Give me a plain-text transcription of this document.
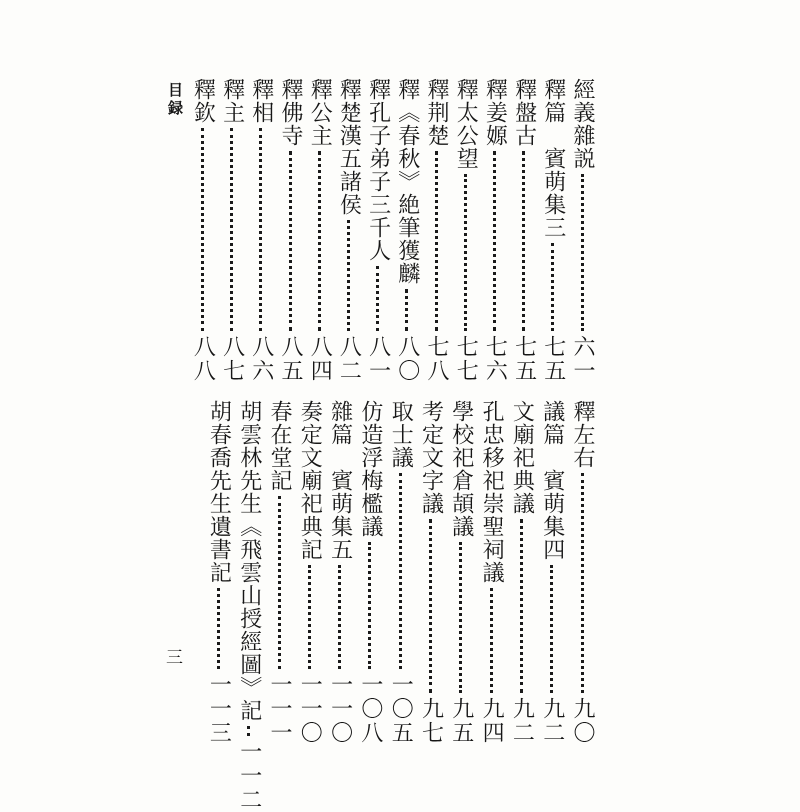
目録
三
經義雜説
六一
釋篇　賓萌集三
七五
釋盤古
七五
釋姜嫄
七六
釋太公望
七七
釋荆楚
七八
釋《春秋》絶筆獲麟
八〇
釋孔子弟子三千人
八一
釋楚漢五諸侯
八二
釋公主
八四
釋佛寺
八五
釋相
八六
釋主
八七
釋欽
八八
釋左右
九〇
議篇　賓萌集四
九二
文廟祀典議
九二
孔忠移祀崇聖祠議
九四
學校祀倉頡議
九五
考定文字議
九七
取士議
一〇五
仿造浮梅檻議
一〇八
雜篇　賓萌集五
一一〇
奏定文廟祀典記
一一〇
春在堂記
一一一
胡雲林先生《飛雲山授經圖》記
一一二
胡春喬先生遺書記
一一三
